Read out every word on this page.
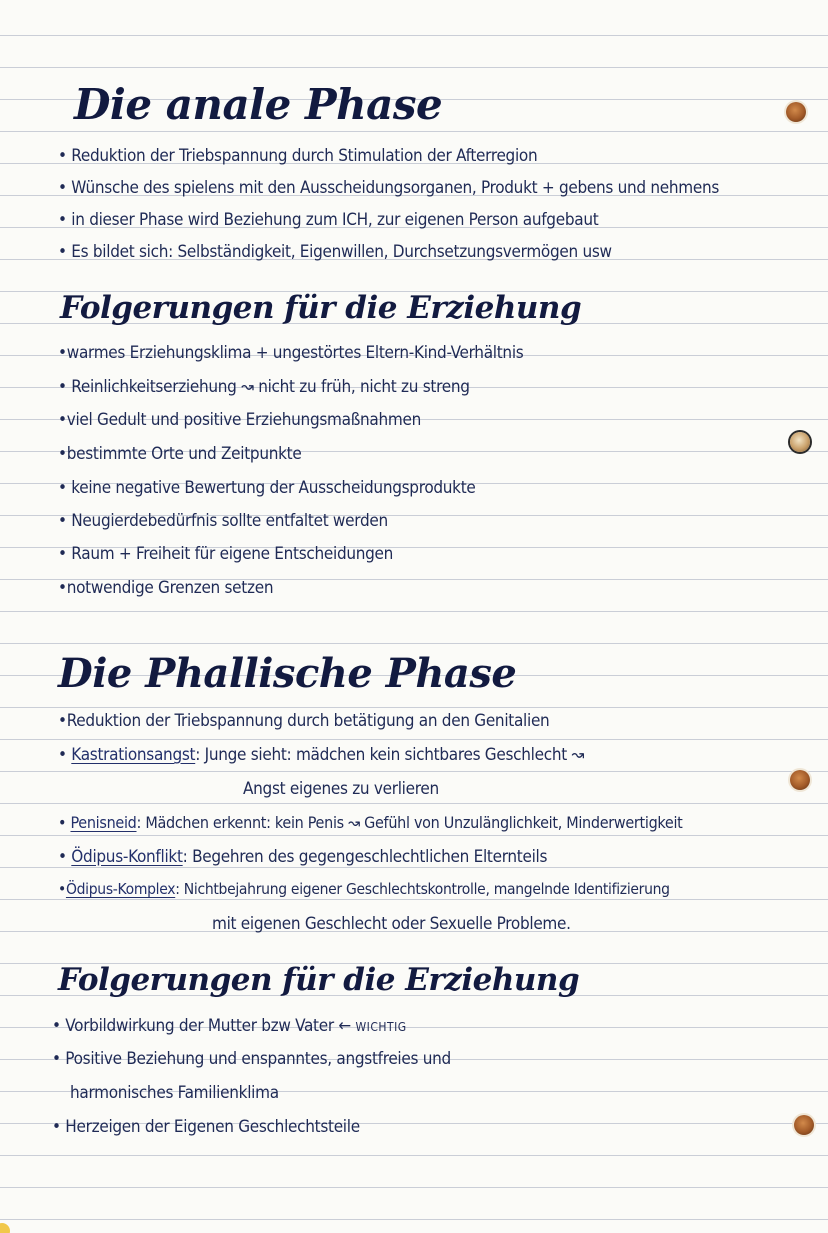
Die anale Phase

• Reduktion der Triebspannung durch Stimulation der Afterregion

• Wünsche des spielens mit den Ausscheidungsorganen, Produkt + gebens und nehmens

• in dieser Phase wird Beziehung zum ICH, zur eigenen Person aufgebaut

• Es bildet sich: Selbständigkeit, Eigenwillen, Durchsetzungsvermögen usw

Folgerungen für die Erziehung

•warmes Erziehungsklima + ungestörtes Eltern-Kind-Verhältnis

• Reinlichkeitserziehung ↝ nicht zu früh, nicht zu streng

•viel Gedult und positive Erziehungsmaßnahmen

•bestimmte Orte und Zeitpunkte

• keine negative Bewertung der Ausscheidungsprodukte

• Neugierdebedürfnis sollte entfaltet werden

• Raum + Freiheit für eigene Entscheidungen

•notwendige Grenzen setzen

Die Phallische Phase

•Reduktion der Triebspannung durch betätigung an den Genitalien

• Kastrationsangst: Junge sieht: mädchen kein sichtbares Geschlecht ↝

Angst eigenes zu verlieren

• Penisneid: Mädchen erkennt: kein Penis ↝ Gefühl von Unzulänglichkeit, Minderwertigkeit

• Ödipus-Konflikt: Begehren des gegengeschlechtlichen Elternteils

•Ödipus-Komplex: Nichtbejahrung eigener Geschlechtskontrolle, mangelnde Identifizierung

mit eigenen Geschlecht oder Sexuelle Probleme.

Folgerungen für die Erziehung

• Vorbildwirkung der Mutter bzw Vater ← WICHTIG

• Positive Beziehung und enspanntes, angstfreies und

harmonisches Familienklima

• Herzeigen der Eigenen Geschlechtsteile
